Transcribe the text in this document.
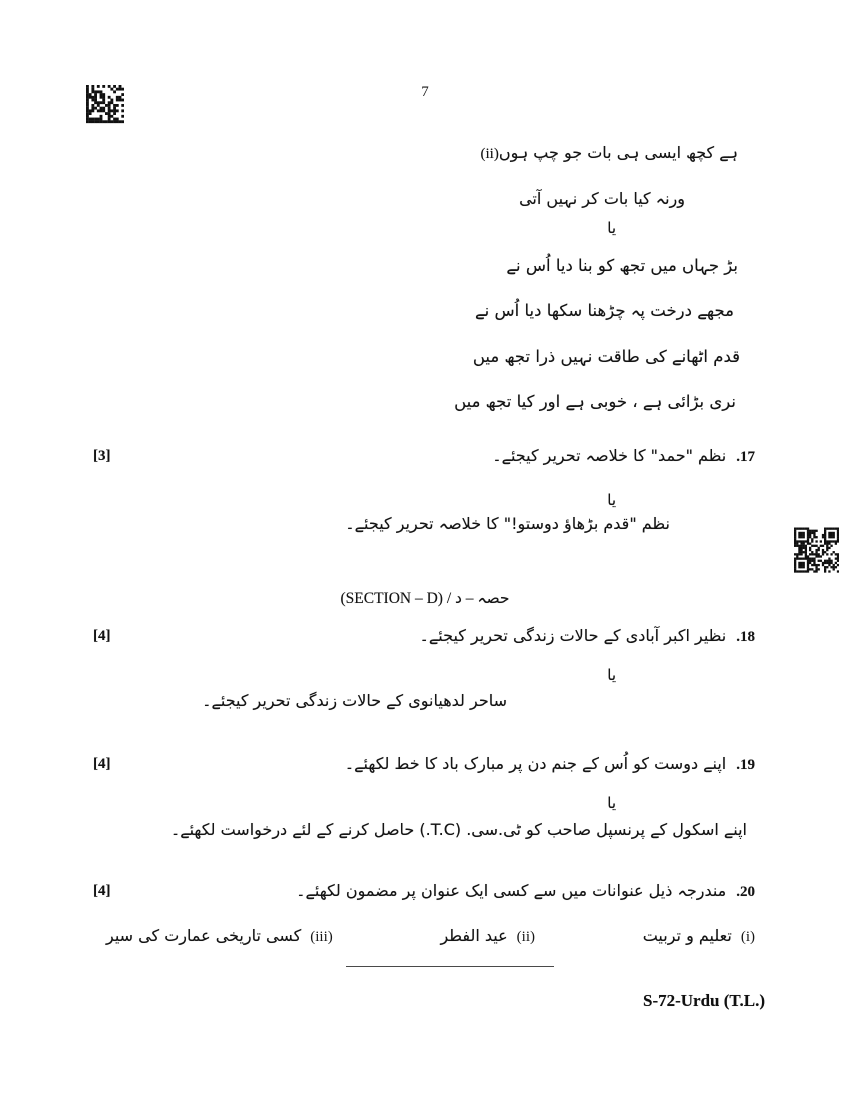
7
(ii)ہے کچھ ایسی ہی بات جو چپ ہوں
ورنہ کیا بات کر نہیں آتی
یا
بڑ جہاں میں تجھ کو بنا دیا اُس نے
مجھے درخت پہ چڑھنا سکھا دیا اُس نے
قدم اٹھانے کی طاقت نہیں ذرا تجھ میں
نری بڑائی ہے ، خوبی ہے اور کیا تجھ میں
[3]	17.نظم "حمد" کا خلاصہ تحریر کیجئے۔
یا
نظم "قدم بڑھاؤ دوستو!" کا خلاصہ تحریر کیجئے۔
حصہ – د / (SECTION – D)
[4]	18.نظیر اکبر آبادی کے حالات زندگی تحریر کیجئے۔
یا
ساحر لدھیانوی کے حالات زندگی تحریر کیجئے۔
[4]	19.اپنے دوست کو اُس کے جنم دن پر مبارک باد کا خط لکھئے۔
یا
اپنے اسکول کے پرنسپل صاحب کو ٹی.سی. (T.C.) حاصل کرنے کے لئے درخواست لکھئے۔
[4]	20.مندرجہ ذیل عنوانات میں سے کسی ایک عنوان پر مضمون لکھئے۔
(i)تعلیم و تربیت
(ii)عید الفطر
(iii)کسی تاریخی عمارت کی سیر
S-72-Urdu (T.L.)
